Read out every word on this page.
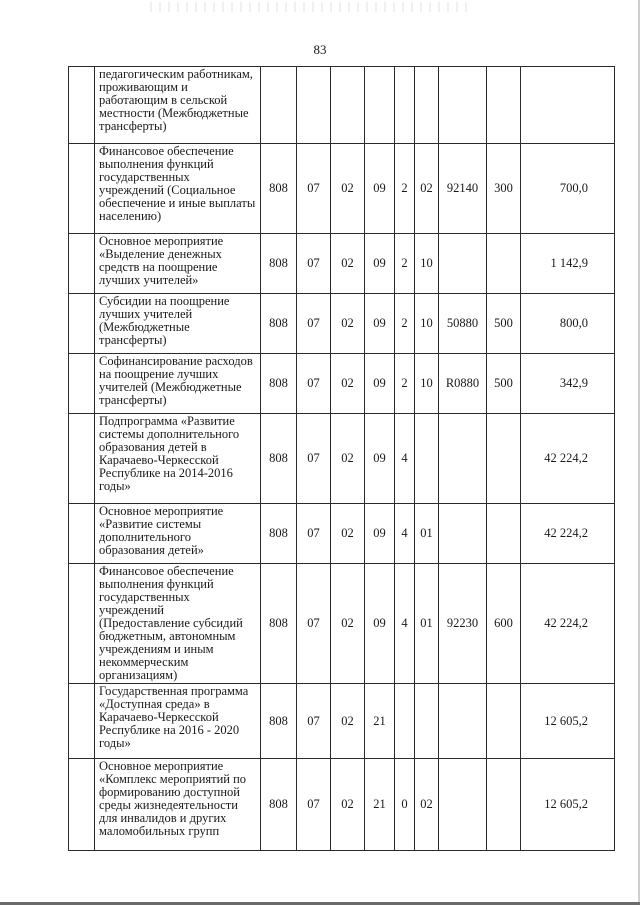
83
	педагогическим работникам, проживающим и работающим в сельской местности (Межбюджетные трансферты)									
	Финансовое обеспечение выполнения функций государственных учреждений (Социальное обеспечение и иные выплаты населению)	808	07	02	09	2	02	92140	300	700,0
	Основное мероприятие «Выделение денежных средств на поощрение лучших учителей»	808	07	02	09	2	10			1 142,9
	Субсидии на поощрение лучших учителей (Межбюджетные трансферты)	808	07	02	09	2	10	50880	500	800,0
	Софинансирование расходов на поощрение лучших учителей (Межбюджетные трансферты)	808	07	02	09	2	10	R0880	500	342,9
	Подпрограмма «Развитие системы дополнительного образования детей в Карачаево-Черкесской Республике на 2014-2016 годы»	808	07	02	09	4				42 224,2
	Основное мероприятие «Развитие системы дополнительного образования детей»	808	07	02	09	4	01			42 224,2
	Финансовое обеспечение выполнения функций государственных учреждений (Предоставление субсидий бюджетным, автономным учреждениям и иным некоммерческим организациям)	808	07	02	09	4	01	92230	600	42 224,2
	Государственная программа «Доступная среда» в Карачаево-Черкесской Республике на 2016 - 2020 годы»	808	07	02	21					12 605,2
	Основное мероприятие «Комплекс мероприятий по формированию доступной среды жизнедеятельности для инвалидов и других маломобильных групп	808	07	02	21	0	02			12 605,2
